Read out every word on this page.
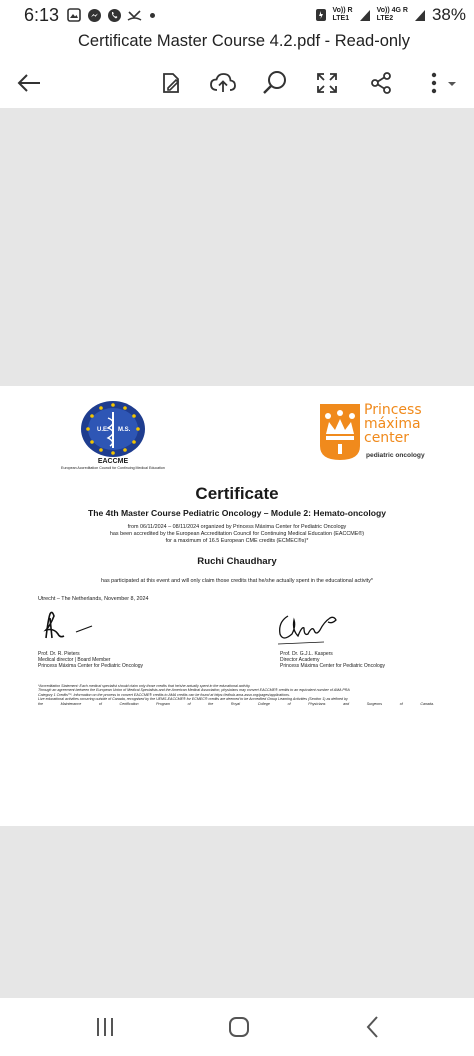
6:13	Vo)) R
LTE1
Vo)) 4G R
LTE2	38%
Certificate Master Course 4.2.pdf - Read-only
U.E. M.S.
EACCME
European Accreditation Council for Continuing Medical Education
Princess
máxima
center
pediatric oncology
Certificate
The 4th Master Course Pediatric Oncology – Module 2: Hemato-oncology
from 06/11/2024 – 08/11/2024 organized by Princess Máxima Center for Pediatric Oncology
has been accredited by the European Accreditation Council for Continuing Medical Education (EACCME®)
for a maximum of 16.5 European CME credits (ECMEC®s)*
Ruchi Chaudhary
has participated at this event and will only claim those credits that he/she actually spent in the educational activity*
Utrecht – The Netherlands, November 8, 2024
Prof. Dr. R. Pieters
Medical director | Board Member
Princess Máxima Center for Pediatric Oncology
Prof. Dr. G.J.L. Kaspers
Director Academy
Princess Máxima Center for Pediatric Oncology
*Accreditation Statement: Each medical specialist should claim only those credits that he/she actually spent in the educational activity.
Through an agreement between the European Union of Medical Specialists and the American Medical Association, physicians may convert EACCME® credits to an equivalent number of AMA PRA
Category 1 Credits™. Information on the process to convert EACCME® credits to AMA credits can be found at https://edhub.ama-assn.org/pages/applications.
Live educational activities occurring outside of Canada, recognised by the UEMS-EACCME® for ECMEC® credits are deemed to be Accredited Group Learning Activities (Section 1) as defined by
the Maintenance of Certification Program of the Royal College of Physicians and Surgeons of Canada.
